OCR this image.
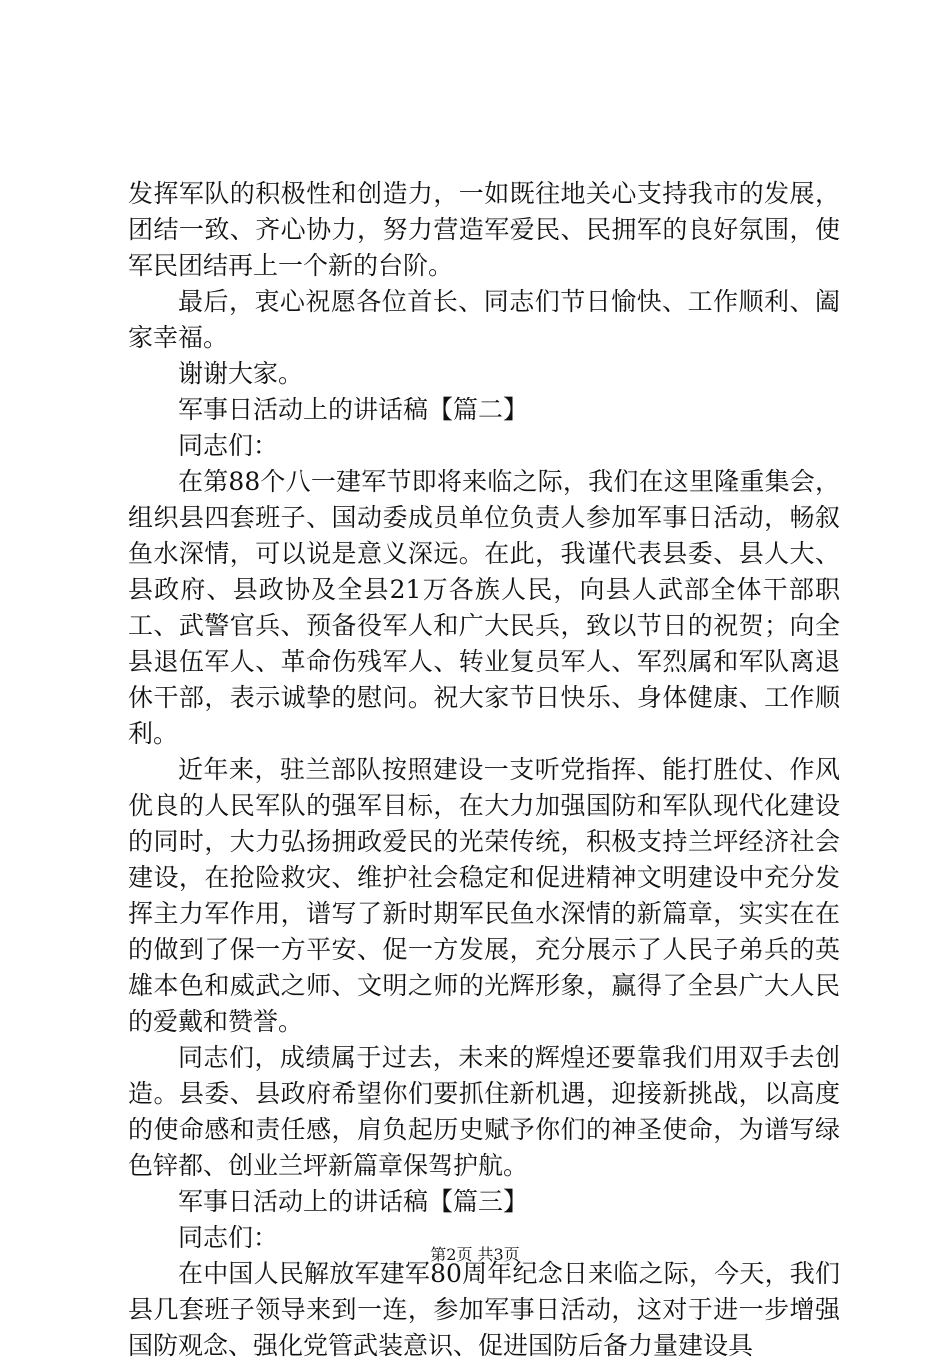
发挥军队的积极性和创造力，一如既往地关心支持我市的发展，团结一致、齐心协力，努力营造军爱民、民拥军的良好氛围，使军民团结再上一个新的台阶。

最后，衷心祝愿各位首长、同志们节日愉快、工作顺利、阖家幸福。

谢谢大家。

军事日活动上的讲话稿【篇二】

同志们：

在第88个八一建军节即将来临之际，我们在这里隆重集会，组织县四套班子、国动委成员单位负责人参加军事日活动，畅叙鱼水深情，可以说是意义深远。在此，我谨代表县委、县人大、县政府、县政协及全县21万各族人民，向县人武部全体干部职工、武警官兵、预备役军人和广大民兵，致以节日的祝贺；向全县退伍军人、革命伤残军人、转业复员军人、军烈属和军队离退休干部，表示诚挚的慰问。祝大家节日快乐、身体健康、工作顺利。

近年来，驻兰部队按照建设一支听党指挥、能打胜仗、作风优良的人民军队的强军目标，在大力加强国防和军队现代化建设的同时，大力弘扬拥政爱民的光荣传统，积极支持兰坪经济社会建设，在抢险救灾、维护社会稳定和促进精神文明建设中充分发挥主力军作用，谱写了新时期军民鱼水深情的新篇章，实实在在的做到了保一方平安、促一方发展，充分展示了人民子弟兵的英雄本色和威武之师、文明之师的光辉形象，赢得了全县广大人民的爱戴和赞誉。

同志们，成绩属于过去，未来的辉煌还要靠我们用双手去创造。县委、县政府希望你们要抓住新机遇，迎接新挑战，以高度的使命感和责任感，肩负起历史赋予你们的神圣使命，为谱写绿色锌都、创业兰坪新篇章保驾护航。

军事日活动上的讲话稿【篇三】

同志们：

在中国人民解放军建军80周年纪念日来临之际，今天，我们县几套班子领导来到一连，参加军事日活动，这对于进一步增强国防观念、强化党管武装意识、促进国防后备力量建设具

第2页 共3页
